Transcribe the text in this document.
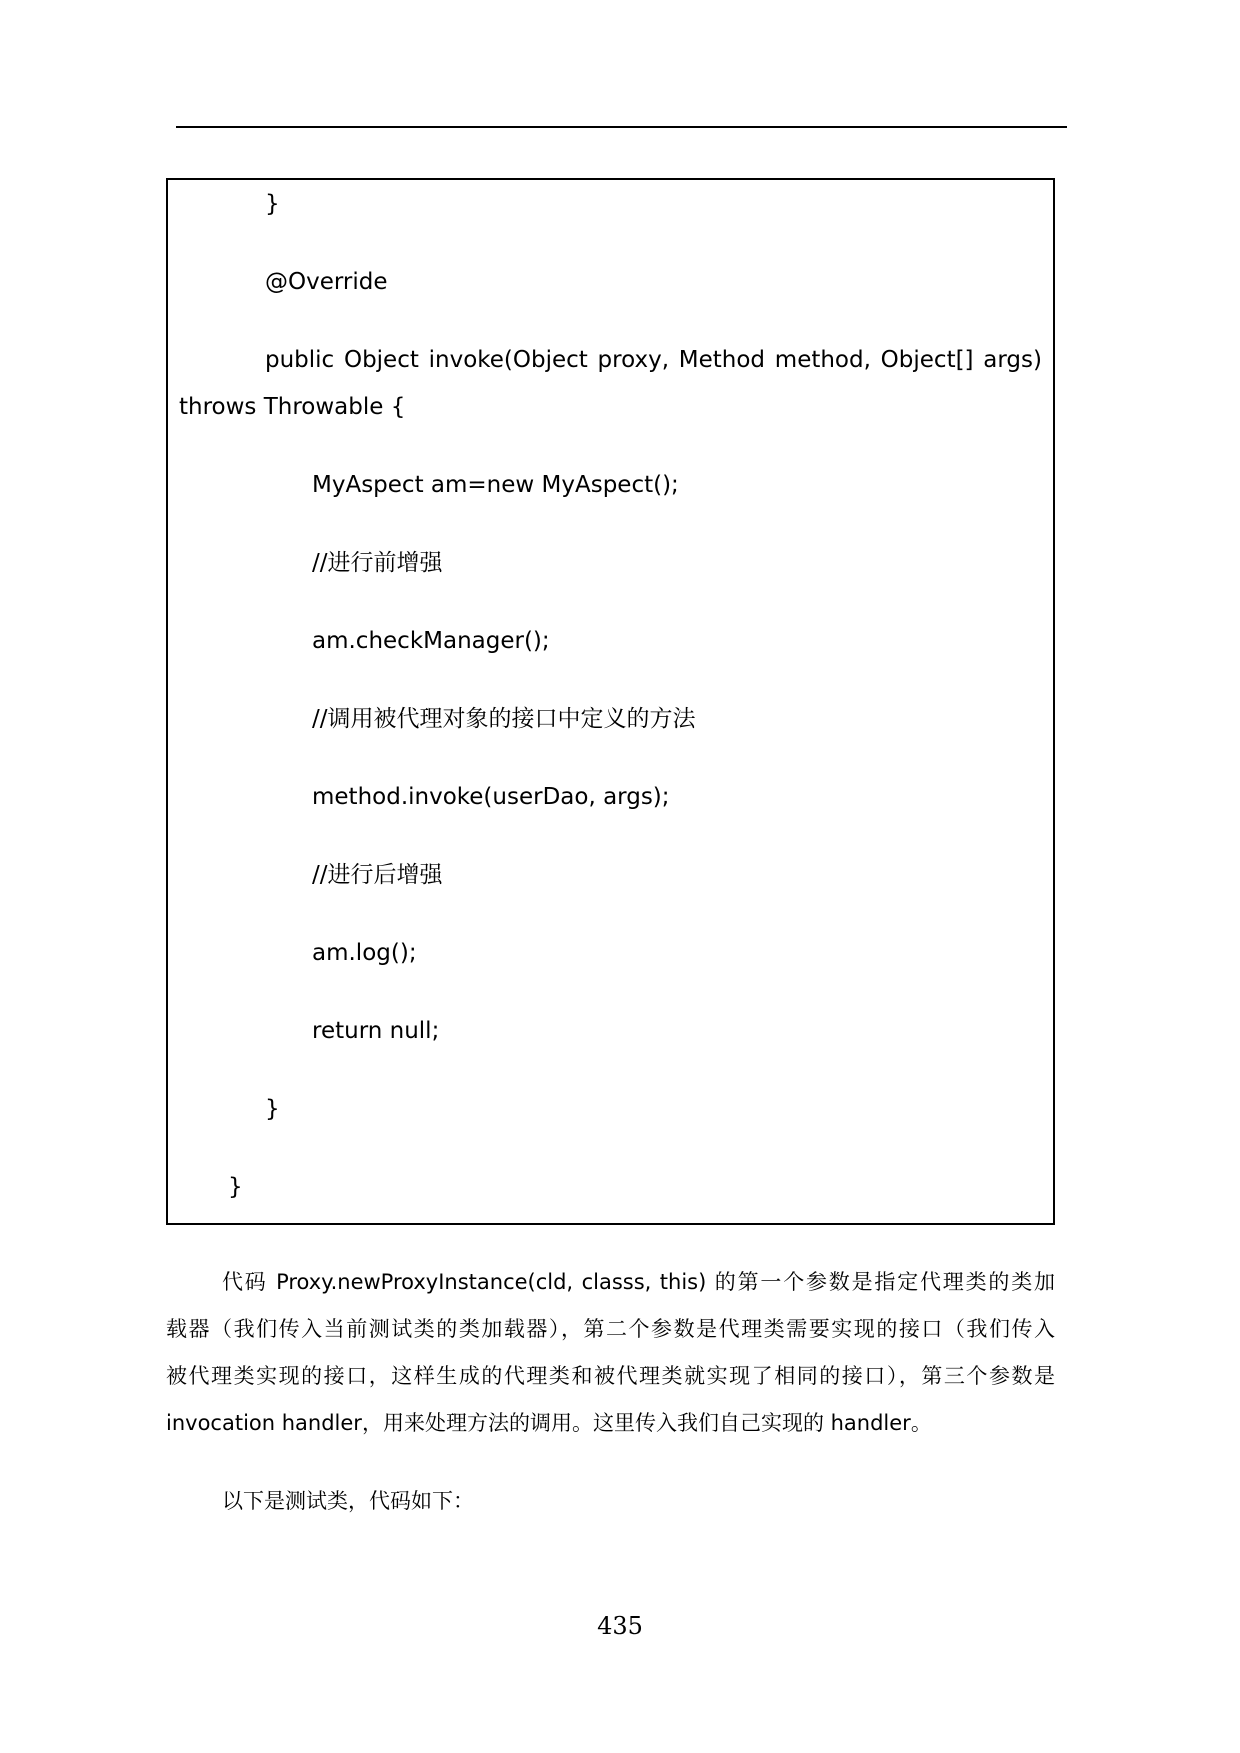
}
@Override
public Object invoke(Object proxy, Method method, Object[] args)
throws Throwable {
MyAspect am=new MyAspect();
//进行前增强
am.checkManager();
//调用被代理对象的接口中定义的方法
method.invoke(userDao, args);
//进行后增强
am.log();
return null;
}
}
代码 Proxy.newProxyInstance(cld, classs, this) 的第一个参数是指定代理类的类加
载器（我们传入当前测试类的类加载器），第二个参数是代理类需要实现的接口（我们传入
被代理类实现的接口，这样生成的代理类和被代理类就实现了相同的接口），第三个参数是
invocation handler，用来处理方法的调用。这里传入我们自己实现的 handler。
以下是测试类，代码如下：
435
